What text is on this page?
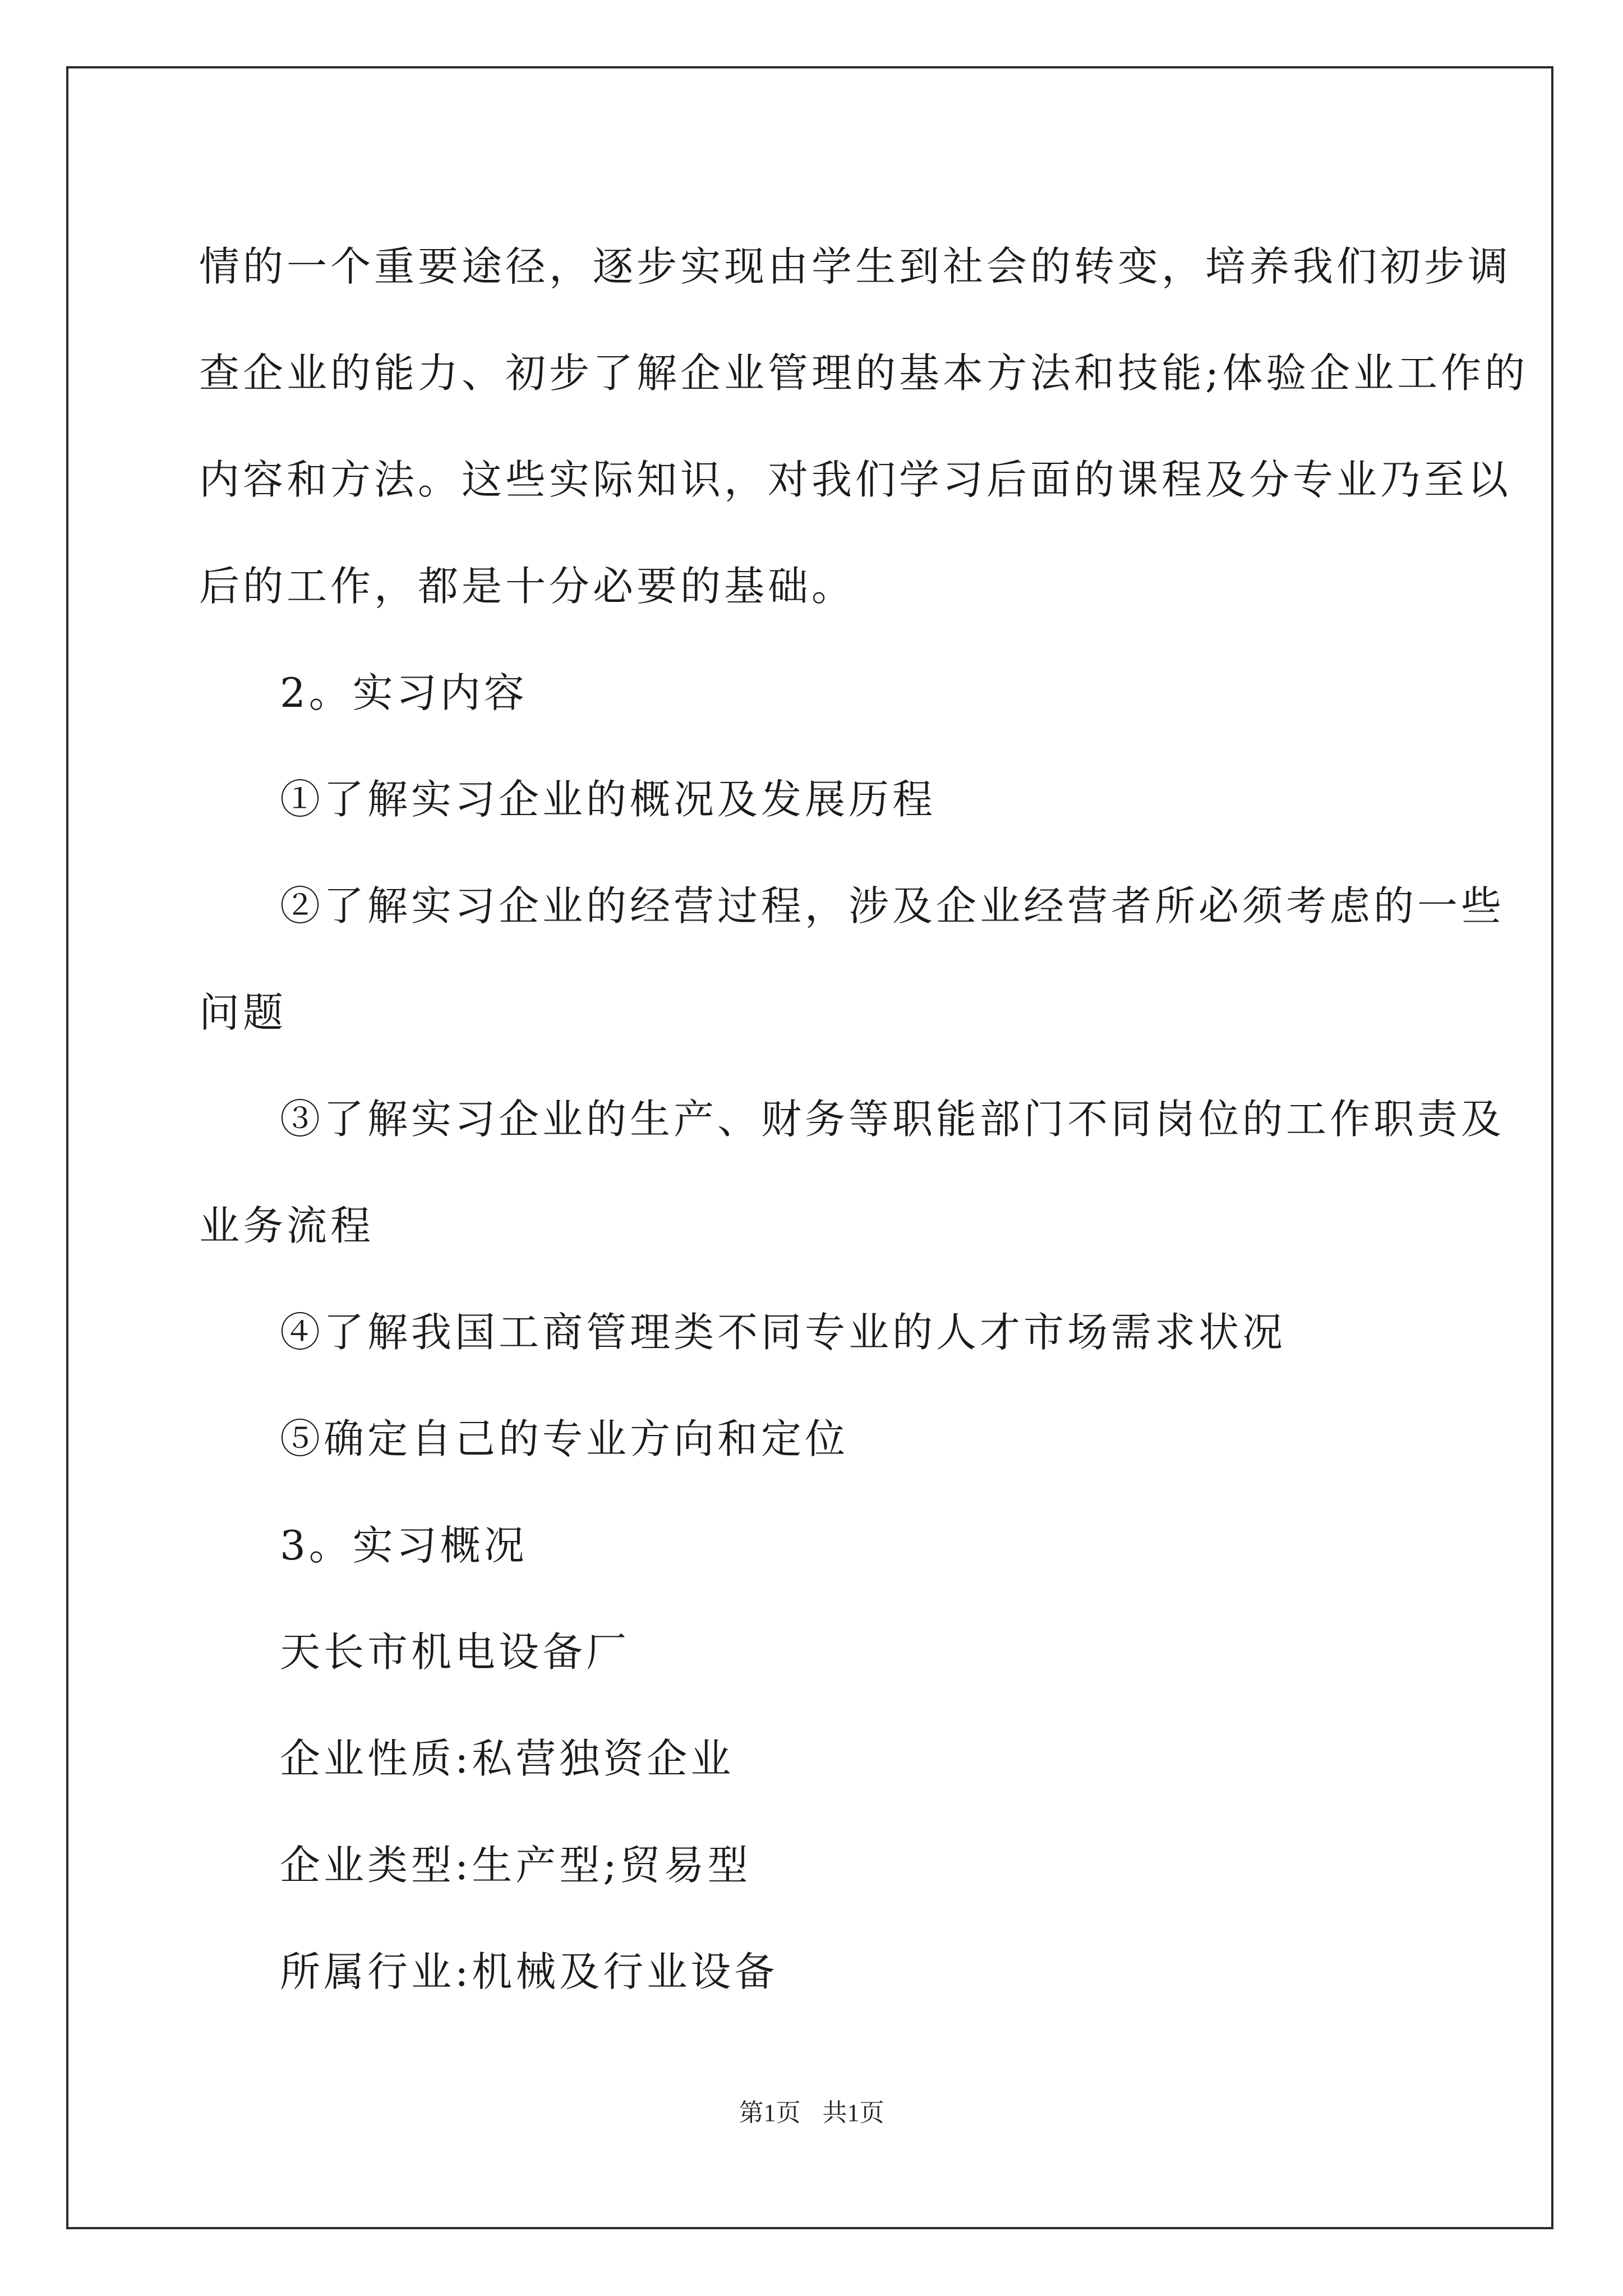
情的一个重要途径，逐步实现由学生到社会的转变，培养我们初步调

查企业的能力、初步了解企业管理的基本方法和技能;体验企业工作的

内容和方法。这些实际知识，对我们学习后面的课程及分专业乃至以

后的工作，都是十分必要的基础。

2。实习内容

①了解实习企业的概况及发展历程

②了解实习企业的经营过程，涉及企业经营者所必须考虑的一些

问题

③了解实习企业的生产、财务等职能部门不同岗位的工作职责及

业务流程

④了解我国工商管理类不同专业的人才市场需求状况

⑤确定自己的专业方向和定位

3。实习概况

天长市机电设备厂

企业性质:私营独资企业

企业类型:生产型;贸易型

所属行业:机械及行业设备

第1页 共1页
